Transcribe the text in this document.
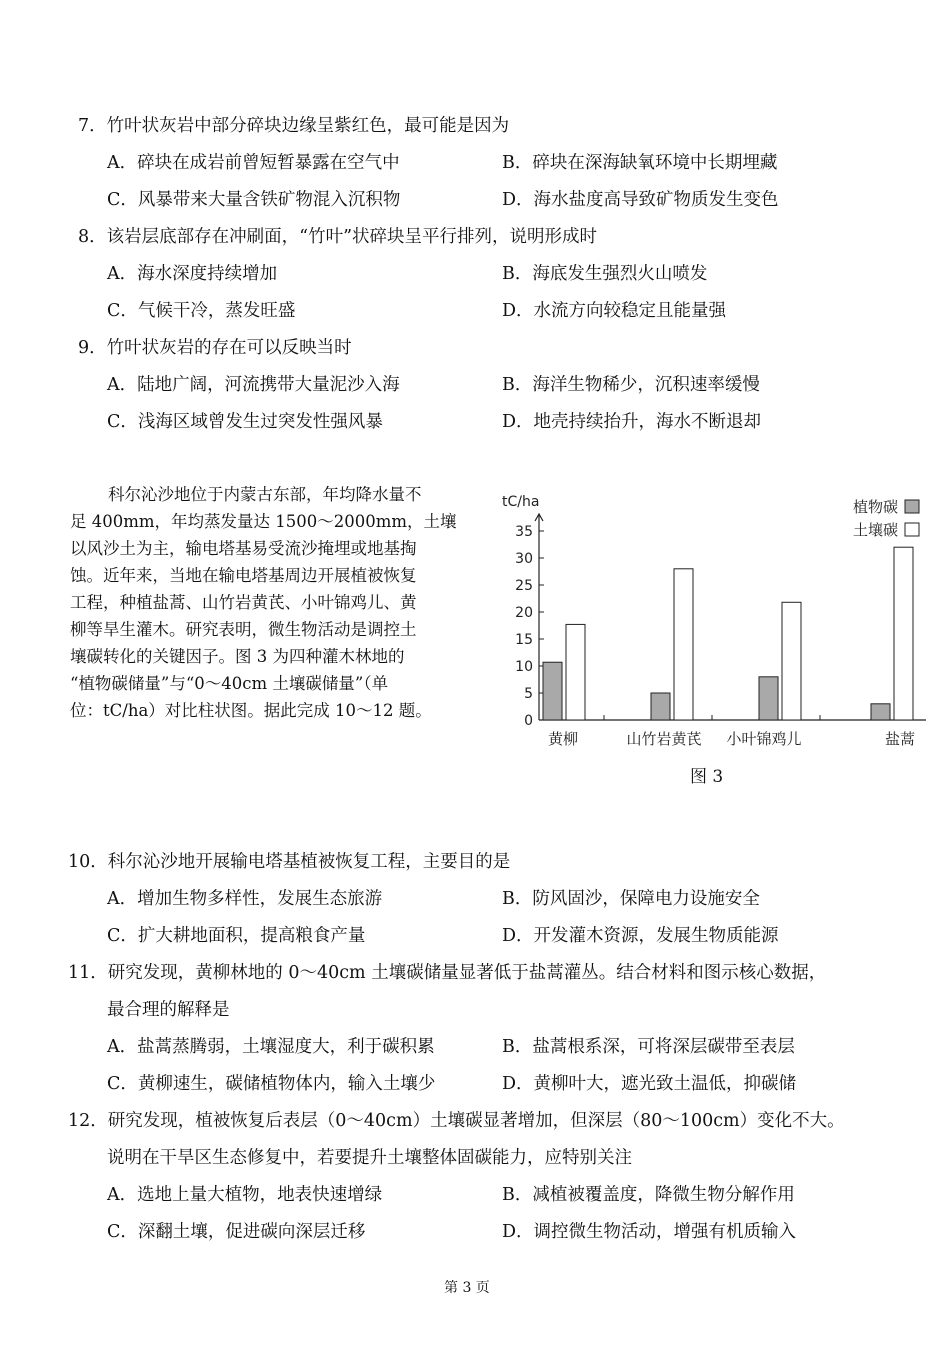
7．竹叶状灰岩中部分碎块边缘呈紫红色，最可能是因为
A．碎块在成岩前曾短暂暴露在空气中	B．碎块在深海缺氧环境中长期埋藏
C．风暴带来大量含铁矿物混入沉积物	D．海水盐度高导致矿物质发生变色
8．该岩层底部存在冲刷面，“竹叶”状碎块呈平行排列，说明形成时
A．海水深度持续增加	B．海底发生强烈火山喷发
C．气候干冷，蒸发旺盛	D．水流方向较稳定且能量强
9．竹叶状灰岩的存在可以反映当时
A．陆地广阔，河流携带大量泥沙入海	B．海洋生物稀少，沉积速率缓慢
C．浅海区域曾发生过突发性强风暴	D．地壳持续抬升，海水不断退却
科尔沁沙地位于内蒙古东部，年均降水量不
足 400mm，年均蒸发量达 1500～2000mm，土壤
以风沙土为主，输电塔基易受流沙掩埋或地基掏
蚀。近年来，当地在输电塔基周边开展植被恢复
工程，种植盐蒿、山竹岩黄芪、小叶锦鸡儿、黄
柳等旱生灌木。研究表明，微生物活动是调控土
壤碳转化的关键因子。图 3 为四种灌木林地的
“植物碳储量”与“0～40cm 土壤碳储量”（单
位：tC/ha）对比柱状图。据此完成 10～12 题。
tC/ha
0
5
10
15
20
25
30
35
黄柳	山竹岩黄芪 小叶锦鸡儿	盐蒿
植物碳
土壤碳
图 3
10．科尔沁沙地开展输电塔基植被恢复工程，主要目的是
A．增加生物多样性，发展生态旅游	B．防风固沙，保障电力设施安全
C．扩大耕地面积，提高粮食产量	D．开发灌木资源，发展生物质能源
11．研究发现，黄柳林地的 0～40cm 土壤碳储量显著低于盐蒿灌丛。结合材料和图示核心数据，
最合理的解释是
A．盐蒿蒸腾弱，土壤湿度大，利于碳积累	B．盐蒿根系深，可将深层碳带至表层
C．黄柳速生，碳储植物体内，输入土壤少	D．黄柳叶大，遮光致土温低，抑碳储
12．研究发现，植被恢复后表层（0～40cm）土壤碳显著增加，但深层（80～100cm）变化不大。
说明在干旱区生态修复中，若要提升土壤整体固碳能力，应特别关注
A．选地上量大植物，地表快速增绿	B．减植被覆盖度，降微生物分解作用
C．深翻土壤，促进碳向深层迁移	D．调控微生物活动，增强有机质输入
第 3 页
